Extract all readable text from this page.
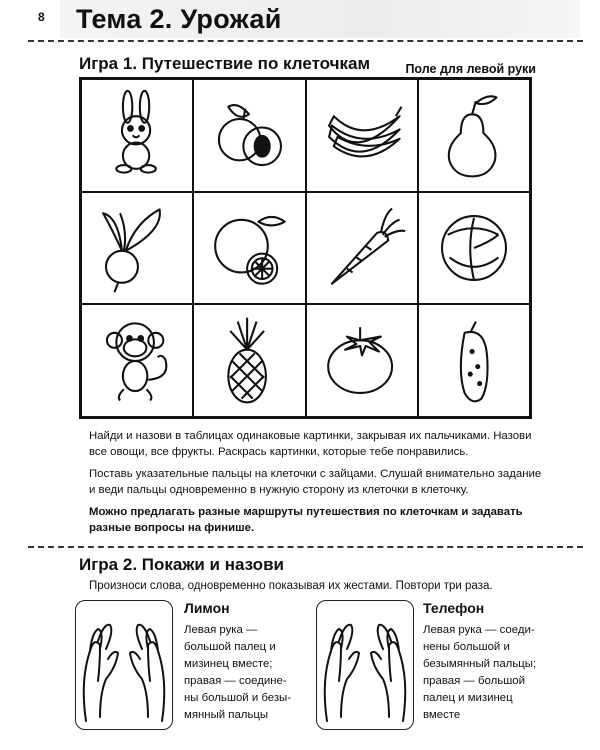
8 Тема 2. Урожай
Игра 1. Путешествие по клеточкам	Поле для левой руки

Найди и назови в таблицах одинаковые картинки, закрывая их пальчиками. Назови все овощи, все фрукты. Раскрась картинки, которые тебе понравились.

Поставь указательные пальцы на клеточки с зайцами. Слушай внимательно задание и веди пальцы одновременно в нужную сторону из клеточки в клеточку.

Можно предлагать разные маршруты путешествия по клеточкам и задавать разные вопросы на финише.

Игра 2. Покажи и назови
Произноси слова, одновременно показывая их жестами. Повтори три раза.
Лимон
Левая рука —
большой палец и
мизинец вместе;
правая — соедине-
ны большой и безы-
мянный пальцы
Телефон
Левая рука — соеди-
нены большой и
безымянный пальцы;
правая — большой
палец и мизинец
вместе
